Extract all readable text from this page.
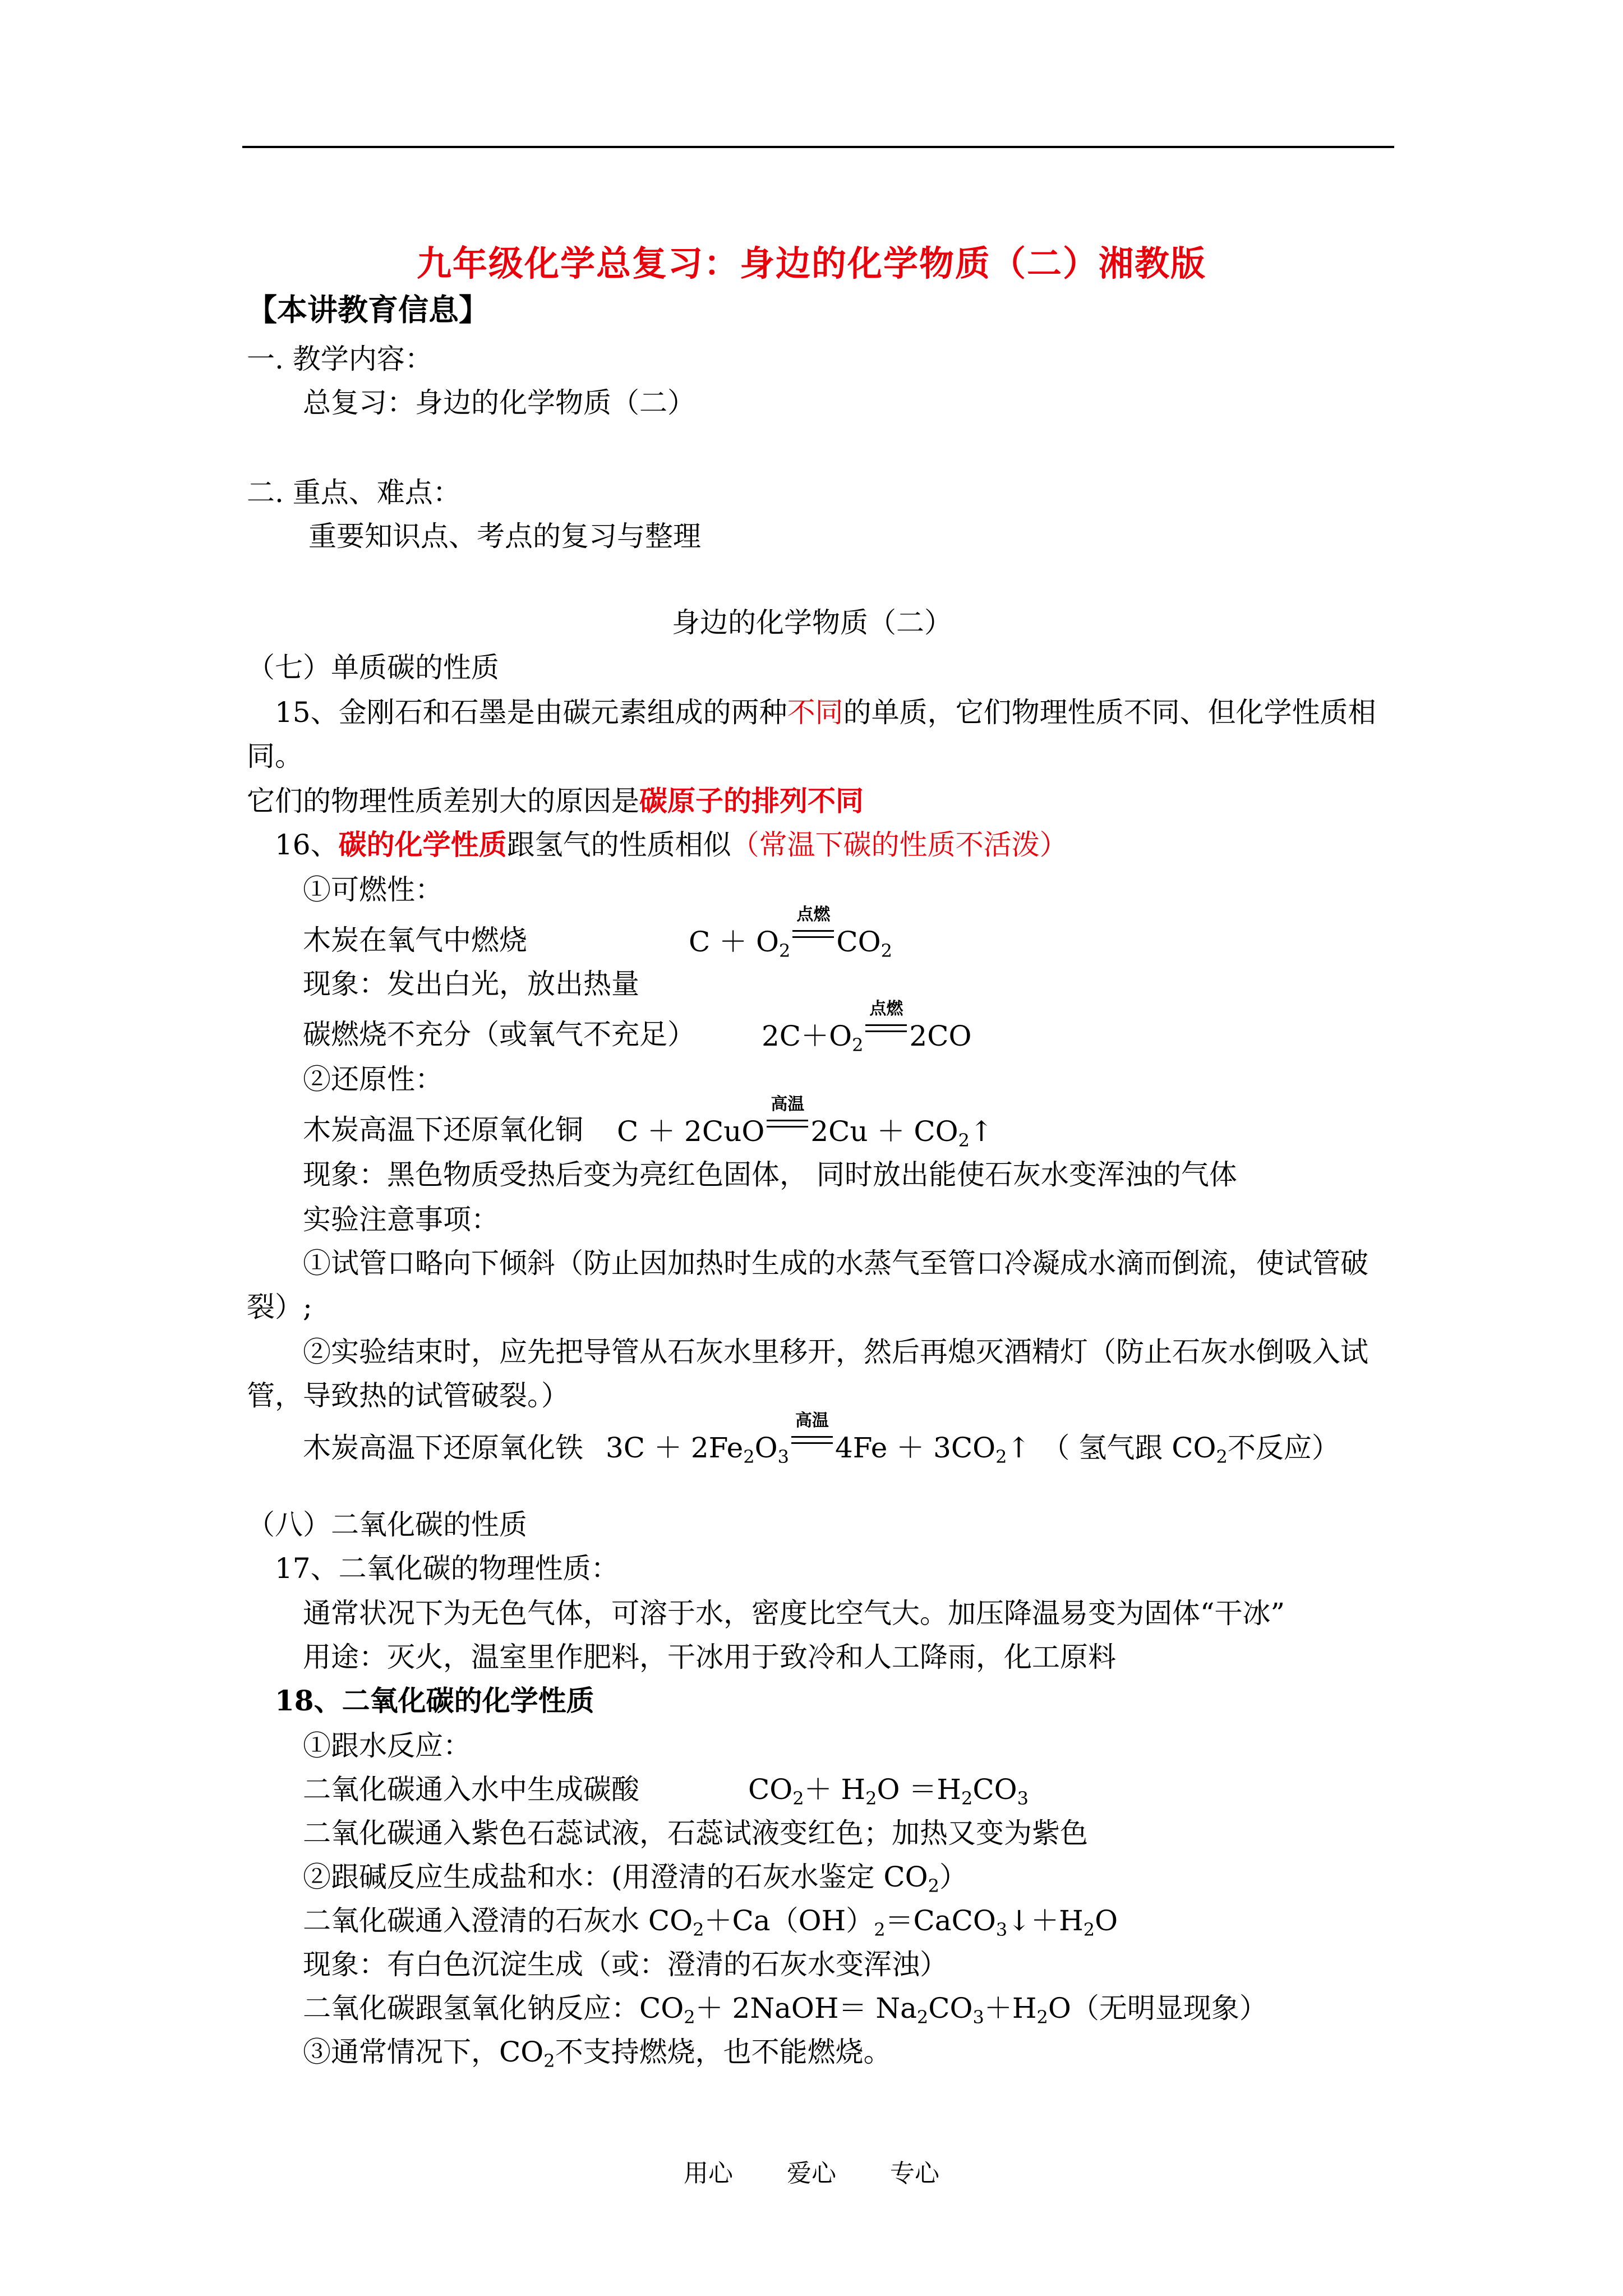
九年级化学总复习：身边的化学物质（二）湘教版
【本讲教育信息】
一. 教学内容：
总复习：身边的化学物质（二）
二. 重点、难点：
重要知识点、考点的复习与整理
身边的化学物质（二）
（七）单质碳的性质
15、金刚石和石墨是由碳元素组成的两种不同的单质，它们物理性质不同、但化学性质相
同。
它们的物理性质差别大的原因是碳原子的排列不同
16、碳的化学性质跟氢气的性质相似（常温下碳的性质不活泼）
①可燃性：
木炭在氧气中燃烧	$C + O_2$
点燃
$CO_2$
现象：发出白光，放出热量
碳燃烧不充分（或氧气不充足） $2C+O_2$
点燃
2CO
②还原性：
木炭高温下还原氧化铜 C ＋ 2CuO
高温
$2Cu + CO_2↑$
现象：黑色物质受热后变为亮红色固体， 同时放出能使石灰水变浑浊的气体
实验注意事项：
①试管口略向下倾斜（防止因加热时生成的水蒸气至管口冷凝成水滴而倒流，使试管破
裂）;
②实验结束时，应先把导管从石灰水里移开，然后再熄灭酒精灯（防止石灰水倒吸入试
管，导致热的试管破裂。）
木炭高温下还原氧化铁 $3C + 2Fe_2O_3$
高温
$4Fe + 3CO_2↑$ （ 氢气跟 $CO_2$不反应）
（八）二氧化碳的性质
17、二氧化碳的物理性质：
通常状况下为无色气体，可溶于水，密度比空气大。加压降温易变为固体“干冰”
用途：灭火，温室里作肥料，干冰用于致冷和人工降雨，化工原料
18、二氧化碳的化学性质
①跟水反应：
二氧化碳通入水中生成碳酸	$CO_2+ H_2O =H_2CO_3$
二氧化碳通入紫色石蕊试液，石蕊试液变红色；加热又变为紫色
②跟碱反应生成盐和水：(用澄清的石灰水鉴定 $CO_2$）
二氧化碳通入澄清的石灰水 $CO_2+Ca(OH)_2=CaCO_3↓+H_2O$
现象：有白色沉淀生成（或：澄清的石灰水变浑浊）
二氧化碳跟氢氧化钠反应：$CO_2+$ 2NaOH＝ $Na_2CO_3+H_2O$（无明显现象）
③通常情况下，$CO_2$不支持燃烧，也不能燃烧。
用心 爱心 专心
